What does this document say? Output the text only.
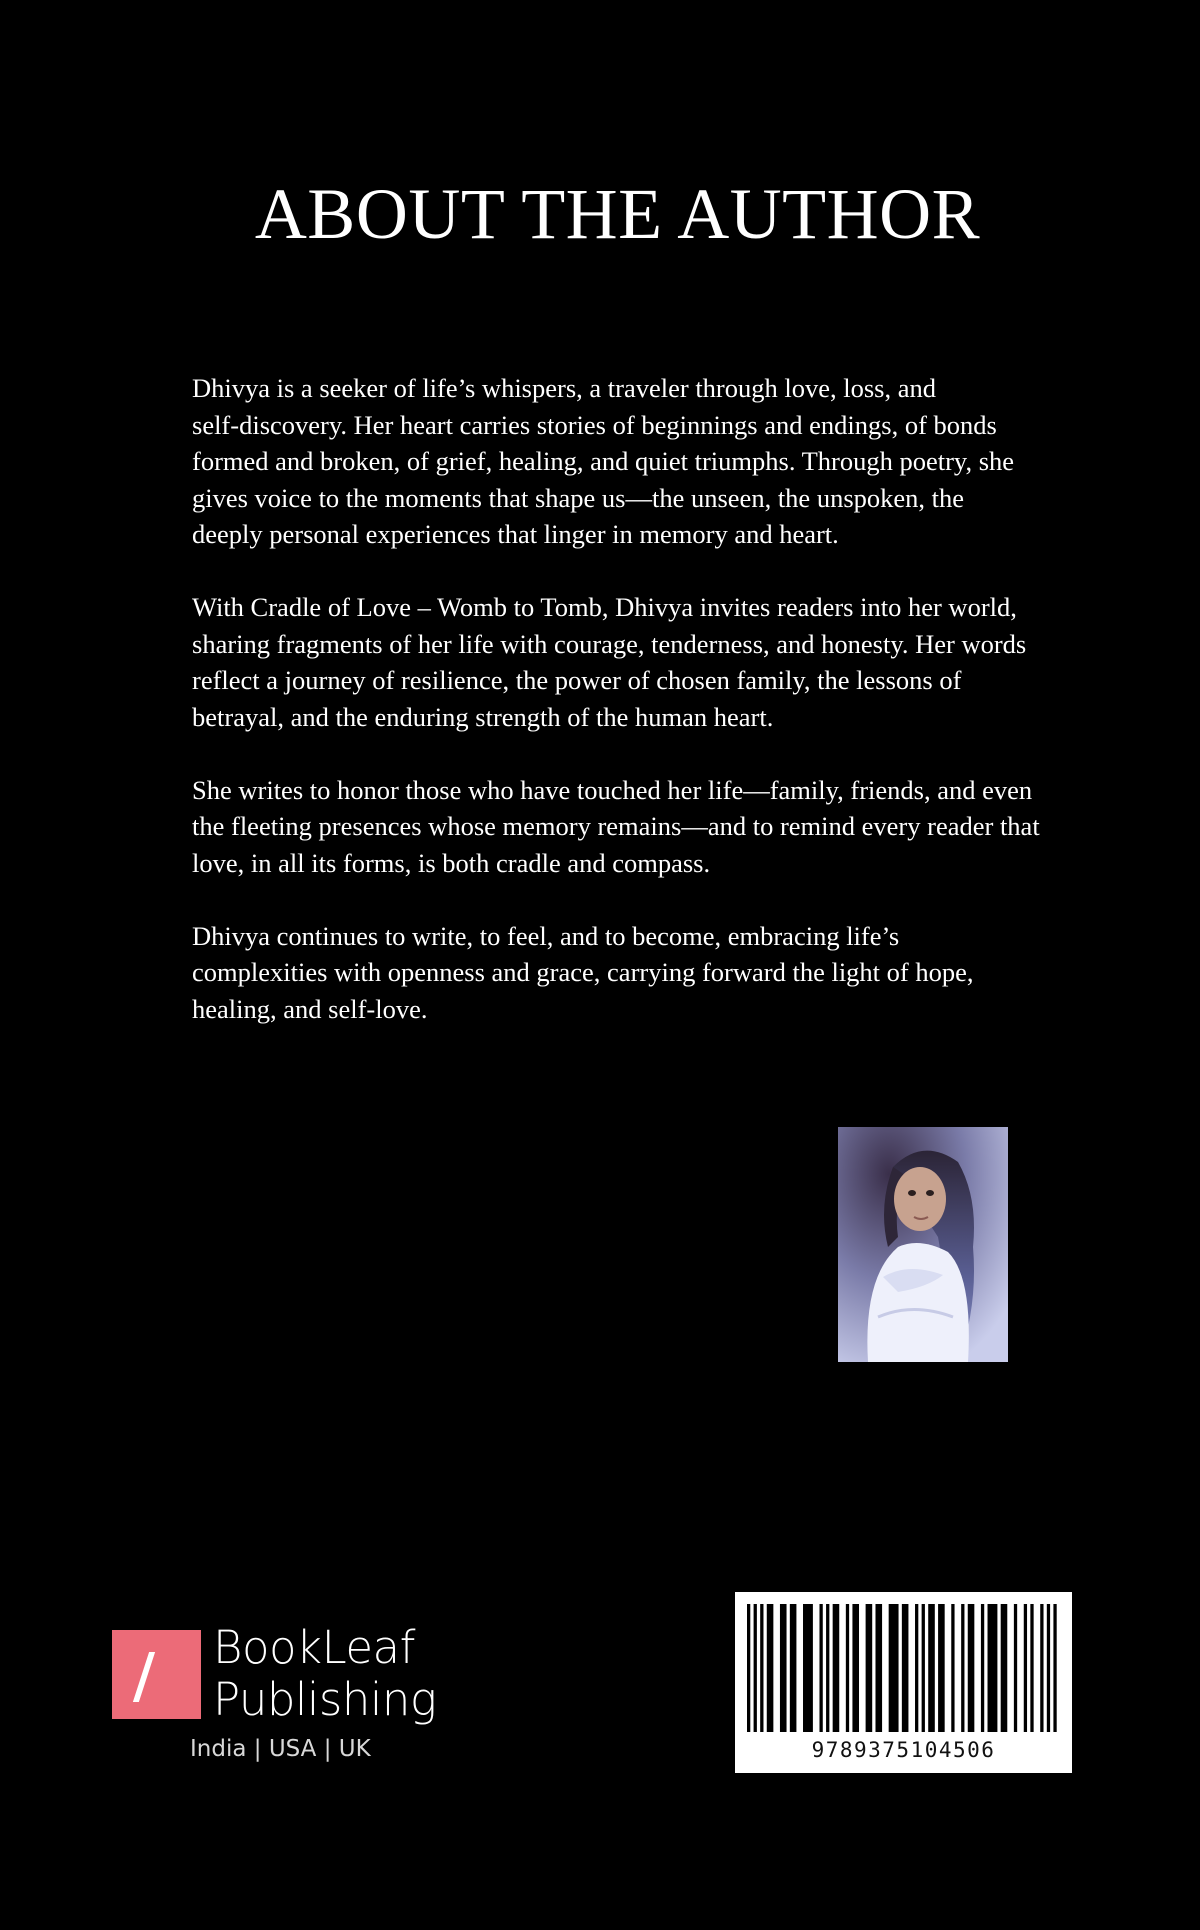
ABOUT THE AUTHOR

Dhivya is a seeker of life’s whispers, a traveler through love, loss, and
self-discovery. Her heart carries stories of beginnings and endings, of bonds
formed and broken, of grief, healing, and quiet triumphs. Through poetry, she
gives voice to the moments that shape us—the unseen, the unspoken, the
deeply personal experiences that linger in memory and heart.

With Cradle of Love – Womb to Tomb, Dhivya invites readers into her world,
sharing fragments of her life with courage, tenderness, and honesty. Her words
reflect a journey of resilience, the power of chosen family, the lessons of
betrayal, and the enduring strength of the human heart.

She writes to honor those who have touched her life—family, friends, and even
the fleeting presences whose memory remains—and to remind every reader that
love, in all its forms, is both cradle and compass.

Dhivya continues to write, to feel, and to become, embracing life’s
complexities with openness and grace, carrying forward the light of hope,
healing, and self-love.

BookLeaf
Publishing
India | USA | UK	9789375104506
